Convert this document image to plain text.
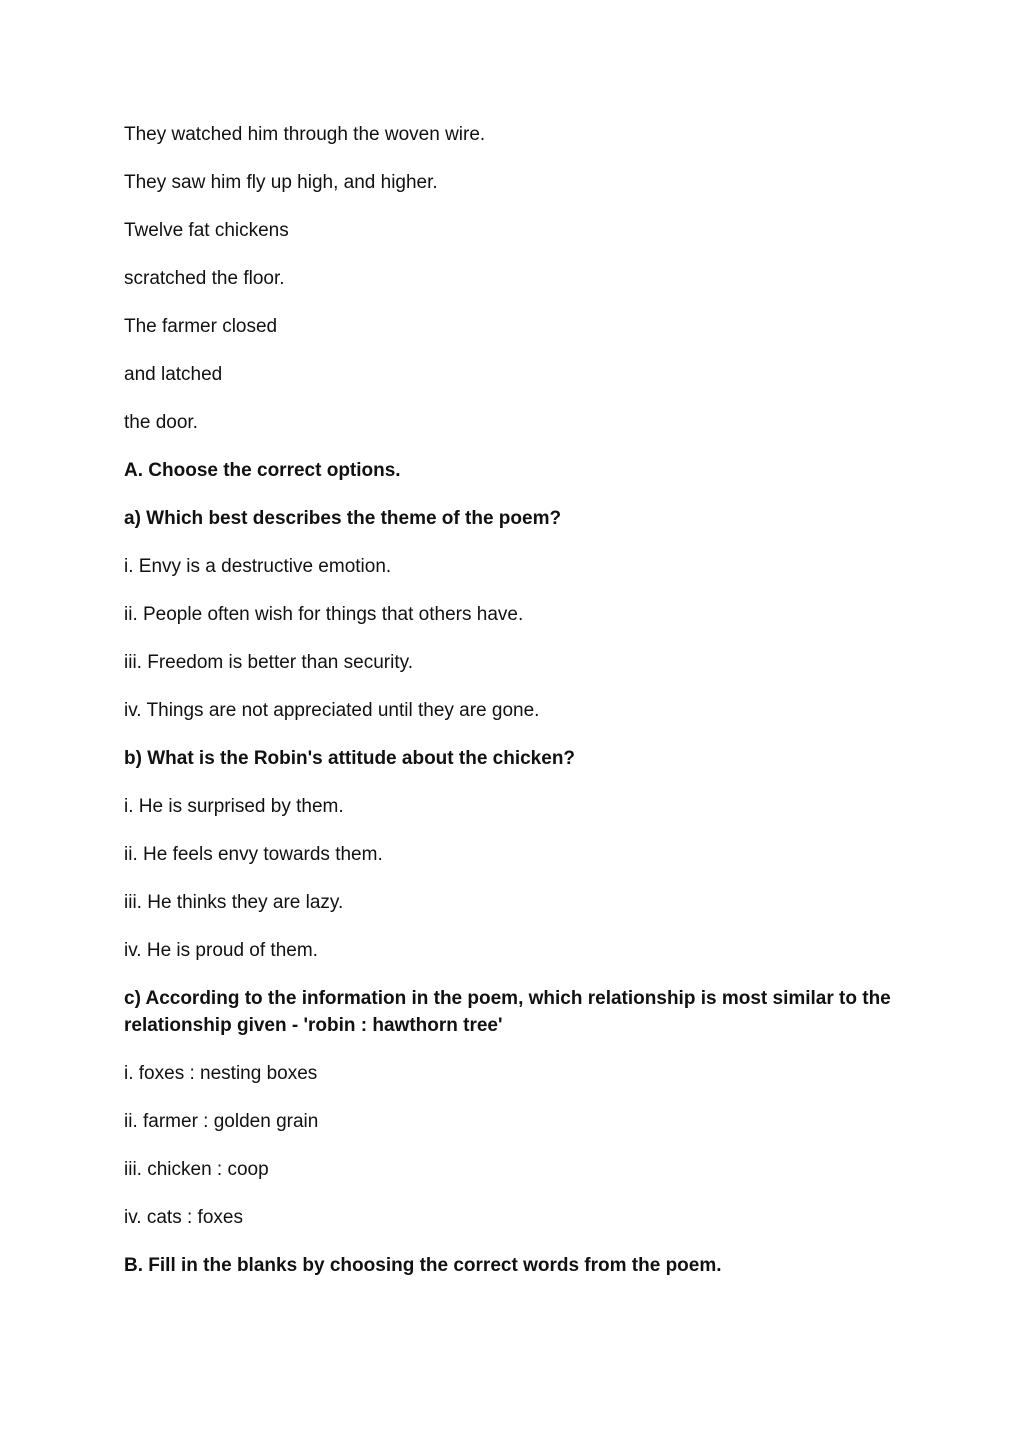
They watched him through the woven wire.

They saw him fly up high, and higher.

Twelve fat chickens

scratched the floor.

The farmer closed

and latched

the door.

A. Choose the correct options.

a) Which best describes the theme of the poem?

i. Envy is a destructive emotion.

ii. People often wish for things that others have.

iii. Freedom is better than security.

iv. Things are not appreciated until they are gone.

b) What is the Robin's attitude about the chicken?

i. He is surprised by them.

ii. He feels envy towards them.

iii. He thinks they are lazy.

iv. He is proud of them.

c) According to the information in the poem, which relationship is most similar to the relationship given - 'robin : hawthorn tree'

i. foxes : nesting boxes

ii. farmer : golden grain

iii. chicken : coop

iv. cats : foxes

B. Fill in the blanks by choosing the correct words from the poem.
